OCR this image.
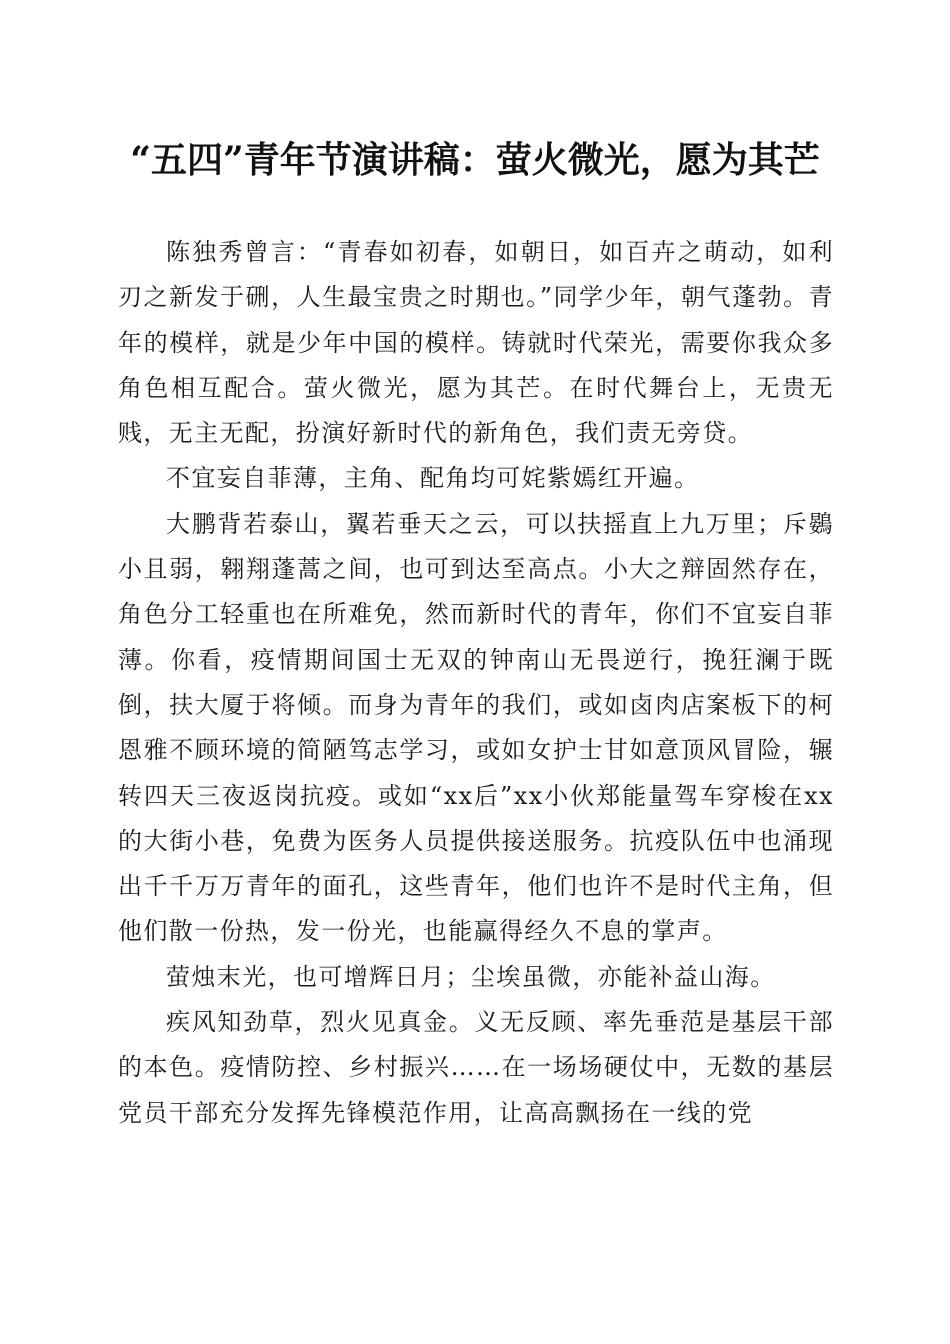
“五四”青年节演讲稿：萤火微光，愿为其芒

陈独秀曾言：“青春如初春，如朝日，如百卉之萌动，如利刃之新发于硎，人生最宝贵之时期也。”同学少年，朝气蓬勃。青年的模样，就是少年中国的模样。铸就时代荣光，需要你我众多角色相互配合。萤火微光，愿为其芒。在时代舞台上，无贵无贱，无主无配，扮演好新时代的新角色，我们责无旁贷。

不宜妄自菲薄，主角、配角均可姹紫嫣红开遍。

大鹏背若泰山，翼若垂天之云，可以扶摇直上九万里；斥鷃小且弱，翱翔蓬蒿之间，也可到达至高点。小大之辩固然存在，角色分工轻重也在所难免，然而新时代的青年，你们不宜妄自菲薄。你看，疫情期间国士无双的钟南山无畏逆行，挽狂澜于既倒，扶大厦于将倾。而身为青年的我们，或如卤肉店案板下的柯恩雅不顾环境的简陋笃志学习，或如女护士甘如意顶风冒险，辗转四天三夜返岗抗疫。或如“xx后”xx小伙郑能量驾车穿梭在xx的大街小巷，免费为医务人员提供接送服务。抗疫队伍中也涌现出千千万万青年的面孔，这些青年，他们也许不是时代主角，但他们散一份热，发一份光，也能赢得经久不息的掌声。

萤烛末光，也可增辉日月；尘埃虽微，亦能补益山海。

疾风知劲草，烈火见真金。义无反顾、率先垂范是基层干部的本色。疫情防控、乡村振兴……在一场场硬仗中，无数的基层党员干部充分发挥先锋模范作用，让高高飘扬在一线的党
